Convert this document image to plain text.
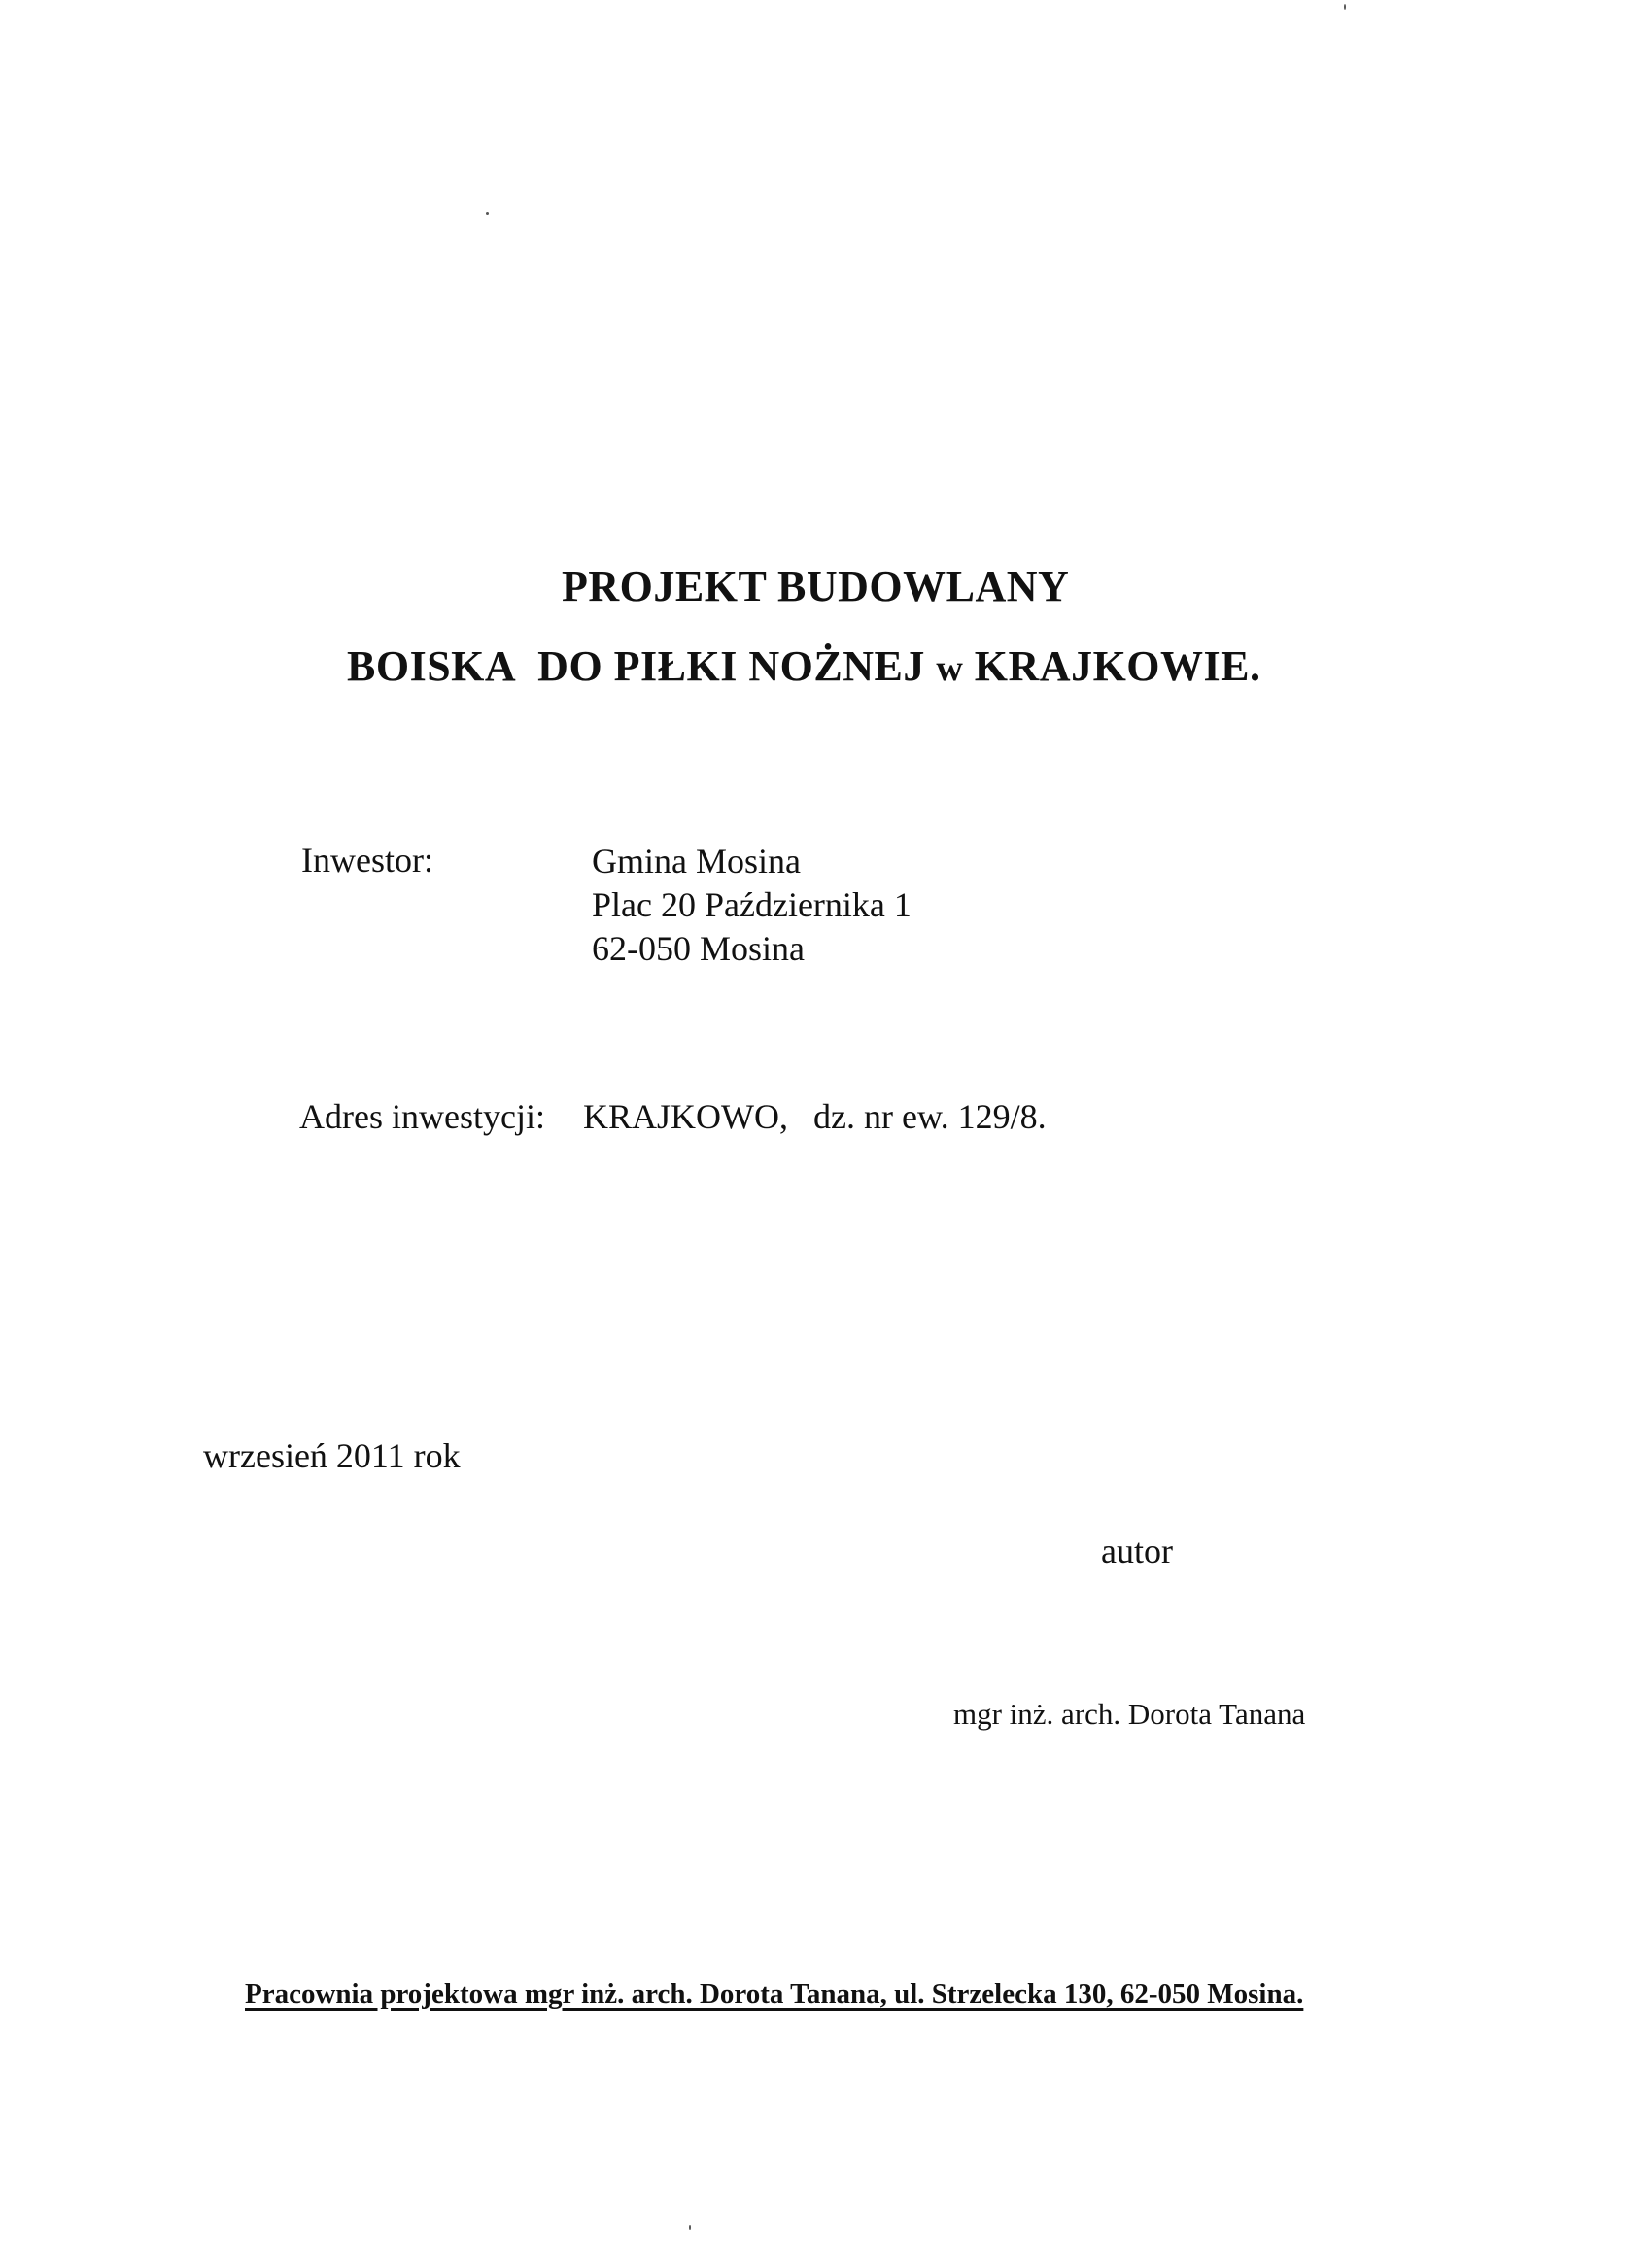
PROJEKT BUDOWLANY
BOISKA DO PIŁKI NOŻNEJ w KRAJKOWIE.
Inwestor:	Gmina Mosina
Plac 20 Października 1
62-050 Mosina
Adres inwestycji: KRAJKOWO, dz. nr ew. 129/8.
wrzesień 2011 rok
autor
mgr inż. arch. Dorota Tanana
Pracownia projektowa mgr inż. arch. Dorota Tanana, ul. Strzelecka 130, 62-050 Mosina.
